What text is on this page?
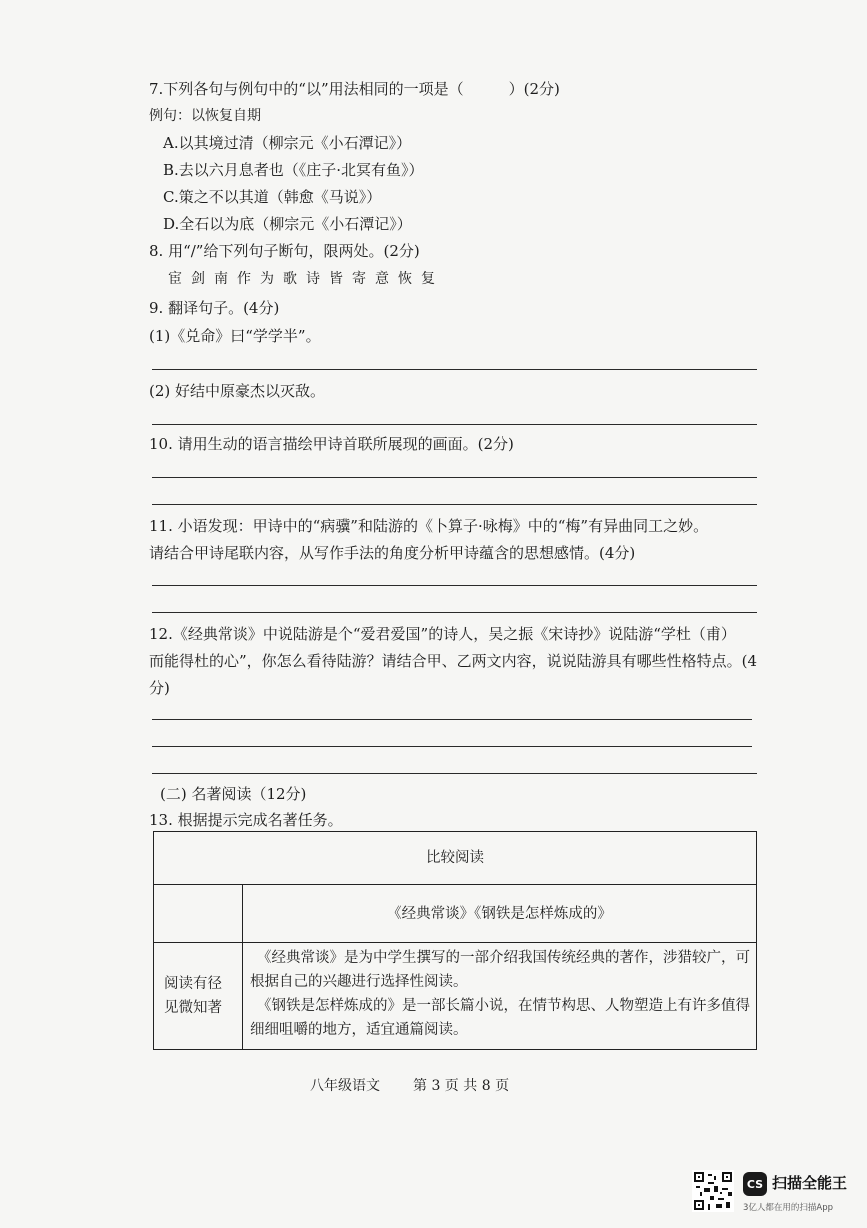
7.下列各句与例句中的“以”用法相同的一项是（　　　）(2分)
例句：以恢复自期
A.以其境过清（柳宗元《小石潭记》）
B.去以六月息者也（《庄子·北冥有鱼》）
C.策之不以其道（韩愈《马说》）
D.全石以为底（柳宗元《小石潭记》）
8. 用“/”给下列句子断句，限两处。(2分)
宦剑南作为歌诗皆寄意恢复
9. 翻译句子。(4分)
(1)《兑命》曰“学学半”。
(2) 好结中原豪杰以灭敌。
10. 请用生动的语言描绘甲诗首联所展现的画面。(2分)
11. 小语发现：甲诗中的“病骥”和陆游的《卜算子·咏梅》中的“梅”有异曲同工之妙。
请结合甲诗尾联内容，从写作手法的角度分析甲诗蕴含的思想感情。(4分)
12.《经典常谈》中说陆游是个“爱君爱国”的诗人，吴之振《宋诗抄》说陆游“学杜（甫）
而能得杜的心”，你怎么看待陆游？请结合甲、乙两文内容，说说陆游具有哪些性格特点。(4
分)
(二) 名著阅读（12分)
13. 根据提示完成名著任务。
比较阅读
《经典常谈》《钢铁是怎样炼成的》
阅读有径
见微知著
《经典常谈》是为中学生撰写的一部介绍我国传统经典的著作，涉猎较广，可
根据自己的兴趣进行选择性阅读。
《钢铁是怎样炼成的》是一部长篇小说，在情节构思、人物塑造上有许多值得
细细咀嚼的地方，适宜通篇阅读。
八年级语文 第 3 页 共 8 页
CS 扫描全能王
3亿人都在用的扫描App
